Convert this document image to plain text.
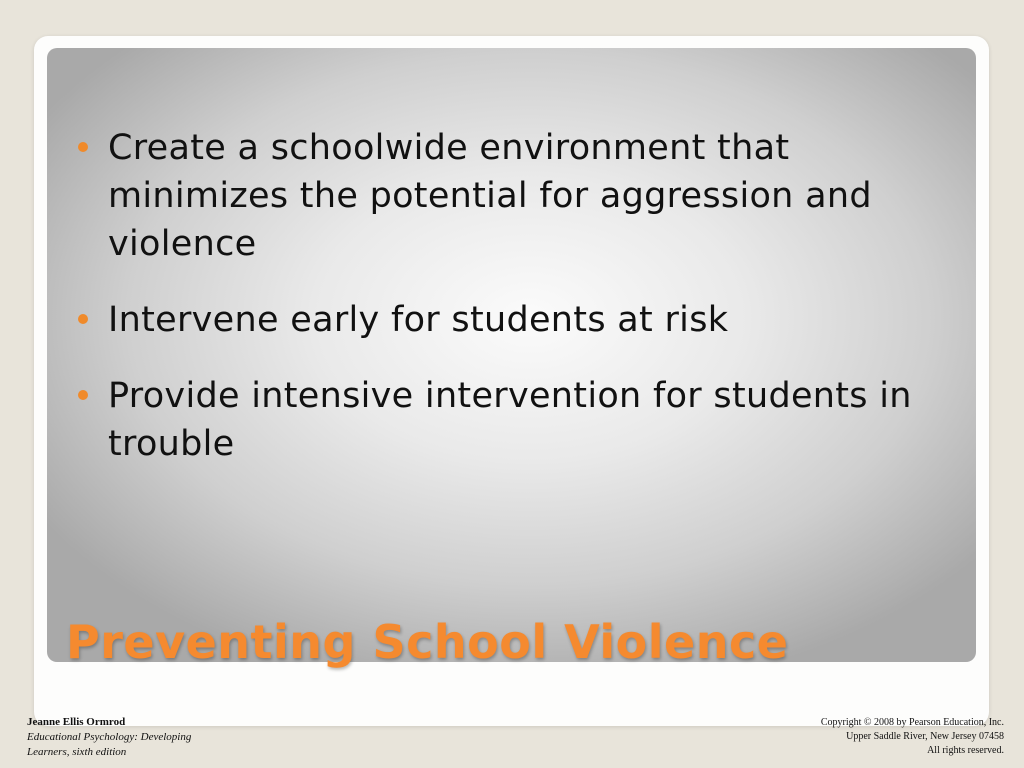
Create a schoolwide environment that minimizes the potential for aggression and violence
Intervene early for students at risk
Provide intensive intervention for students in trouble
Preventing School Violence
Jeanne Ellis Ormrod
Educational Psychology: Developing
Learners, sixth edition
Copyright © 2008 by Pearson Education, Inc.
Upper Saddle River, New Jersey 07458
All rights reserved.
